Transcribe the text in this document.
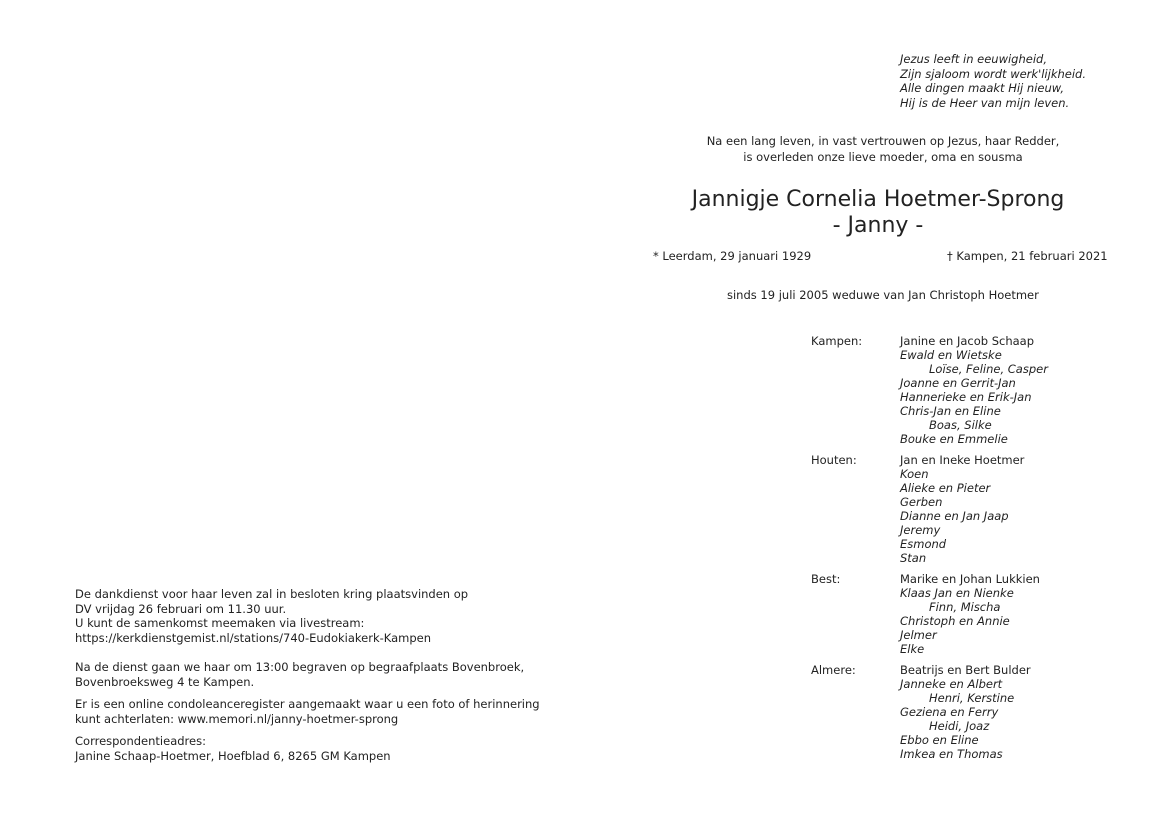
Jezus leeft in eeuwigheid,
Zijn sjaloom wordt werk'lijkheid.
Alle dingen maakt Hij nieuw,
Hij is de Heer van mijn leven.
Na een lang leven, in vast vertrouwen op Jezus, haar Redder,
is overleden onze lieve moeder, oma en sousma
Jannigje Cornelia Hoetmer-Sprong
- Janny -
* Leerdam, 29 januari 1929	† Kampen, 21 februari 2021
sinds 19 juli 2005 weduwe van Jan Christoph Hoetmer
Kampen:	Janine en Jacob Schaap
Ewald en Wietske
Loïse, Feline, Casper
Joanne en Gerrit-Jan
Hannerieke en Erik-Jan
Chris-Jan en Eline
Boas, Silke
Bouke en Emmelie
Houten:	Jan en Ineke Hoetmer
Koen
Alieke en Pieter
Gerben
Dianne en Jan Jaap
Jeremy
Esmond
Stan
Best:	Marike en Johan Lukkien
Klaas Jan en Nienke
Finn, Mischa
Christoph en Annie
Jelmer
Elke
Almere:	Beatrijs en Bert Bulder
Janneke en Albert
Henri, Kerstine
Geziena en Ferry
Heidi, Joaz
Ebbo en Eline
Imkea en Thomas
De dankdienst voor haar leven zal in besloten kring plaatsvinden op
DV vrijdag 26 februari om 11.30 uur.
U kunt de samenkomst meemaken via livestream:
https://kerkdienstgemist.nl/stations/740-Eudokiakerk-Kampen
Na de dienst gaan we haar om 13:00 begraven op begraafplaats Bovenbroek,
Bovenbroeksweg 4 te Kampen.
Er is een online condoleanceregister aangemaakt waar u een foto of herinnering
kunt achterlaten: www.memori.nl/janny-hoetmer-sprong
Correspondentieadres:
Janine Schaap-Hoetmer, Hoefblad 6, 8265 GM Kampen
